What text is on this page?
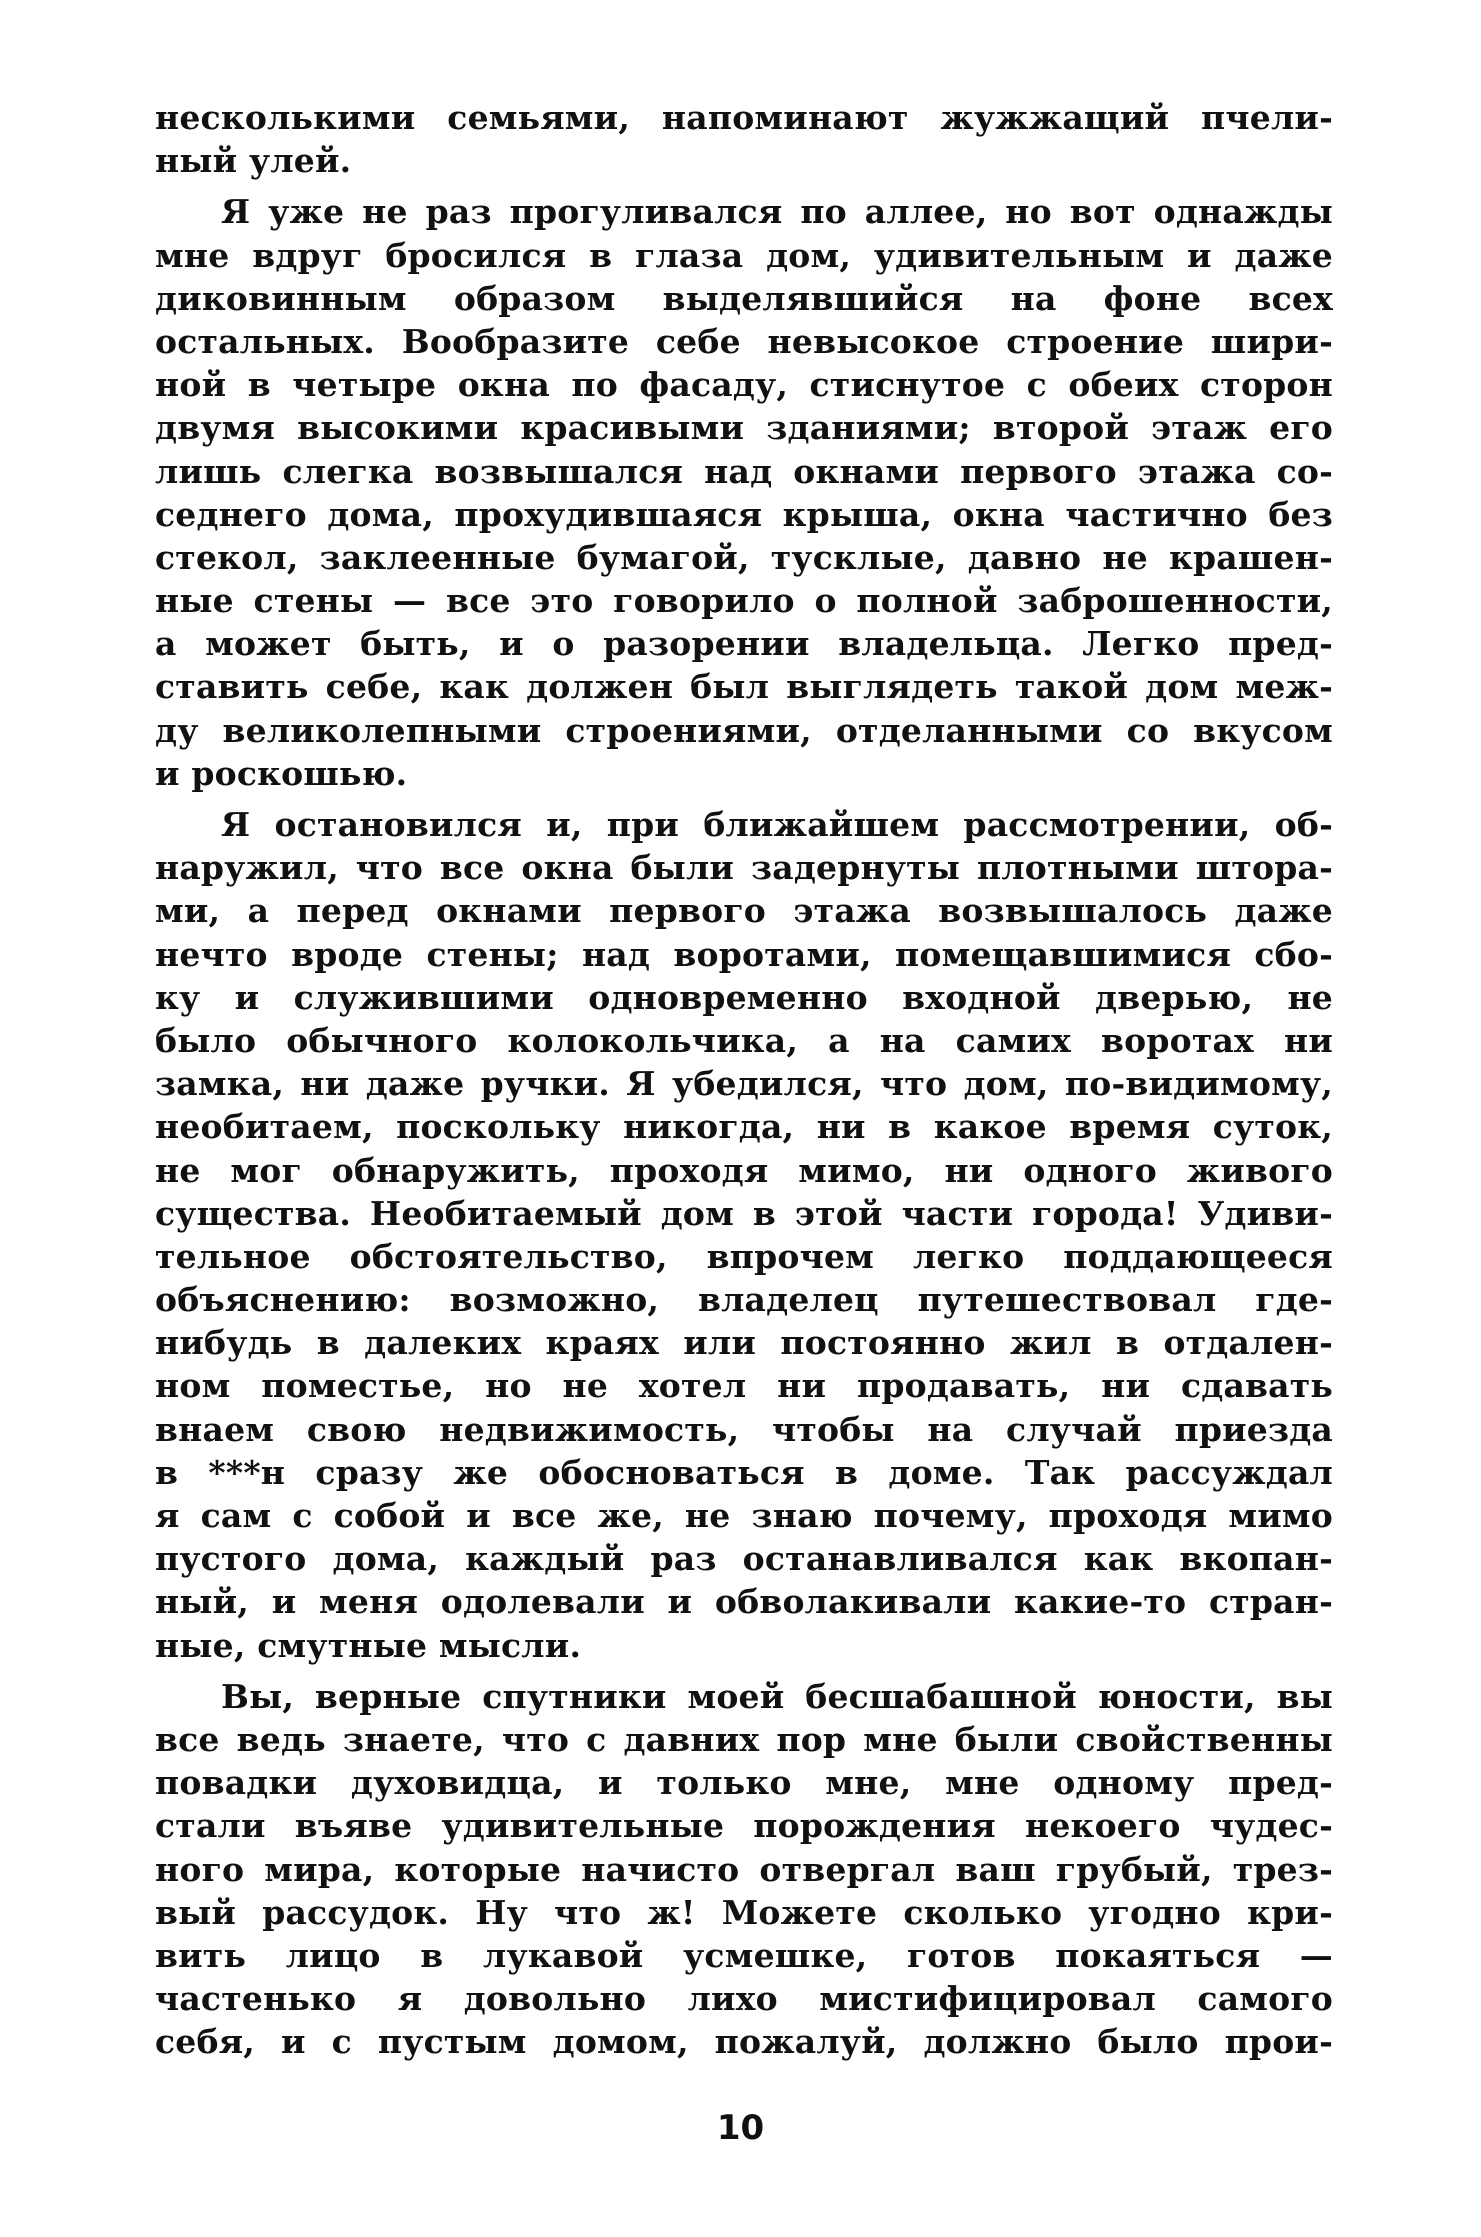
несколькими семьями, напоминают жужжащий пчели-
ный улей.
Я уже не раз прогуливался по аллее, но вот однажды
мне вдруг бросился в глаза дом, удивительным и даже
диковинным образом выделявшийся на фоне всех
остальных. Вообразите себе невысокое строение шири-
ной в четыре окна по фасаду, стиснутое с обеих сторон
двумя высокими красивыми зданиями; второй этаж его
лишь слегка возвышался над окнами первого этажа со-
седнего дома, прохудившаяся крыша, окна частично без
стекол, заклеенные бумагой, тусклые, давно не крашен-
ные стены — все это говорило о полной заброшенности,
а может быть, и о разорении владельца. Легко пред-
ставить себе, как должен был выглядеть такой дом меж-
ду великолепными строениями, отделанными со вкусом
и роскошью.
Я остановился и, при ближайшем рассмотрении, об-
наружил, что все окна были задернуты плотными штора-
ми, а перед окнами первого этажа возвышалось даже
нечто вроде стены; над воротами, помещавшимися сбо-
ку и служившими одновременно входной дверью, не
было обычного колокольчика, а на самих воротах ни
замка, ни даже ручки. Я убедился, что дом, по-видимому,
необитаем, поскольку никогда, ни в какое время суток,
не мог обнаружить, проходя мимо, ни одного живого
существа. Необитаемый дом в этой части города! Удиви-
тельное обстоятельство, впрочем легко поддающееся
объяснению: возможно, владелец путешествовал где-
нибудь в далеких краях или постоянно жил в отдален-
ном поместье, но не хотел ни продавать, ни сдавать
внаем свою недвижимость, чтобы на случай приезда
в ***н сразу же обосноваться в доме. Так рассуждал
я сам с собой и все же, не знаю почему, проходя мимо
пустого дома, каждый раз останавливался как вкопан-
ный, и меня одолевали и обволакивали какие-то стран-
ные, смутные мысли.
Вы, верные спутники моей бесшабашной юности, вы
все ведь знаете, что с давних пор мне были свойственны
повадки духовидца, и только мне, мне одному пред-
стали въяве удивительные порождения некоего чудес-
ного мира, которые начисто отвергал ваш грубый, трез-
вый рассудок. Ну что ж! Можете сколько угодно кри-
вить лицо в лукавой усмешке, готов покаяться —
частенько я довольно лихо мистифицировал самого
себя, и с пустым домом, пожалуй, должно было прои-
10
